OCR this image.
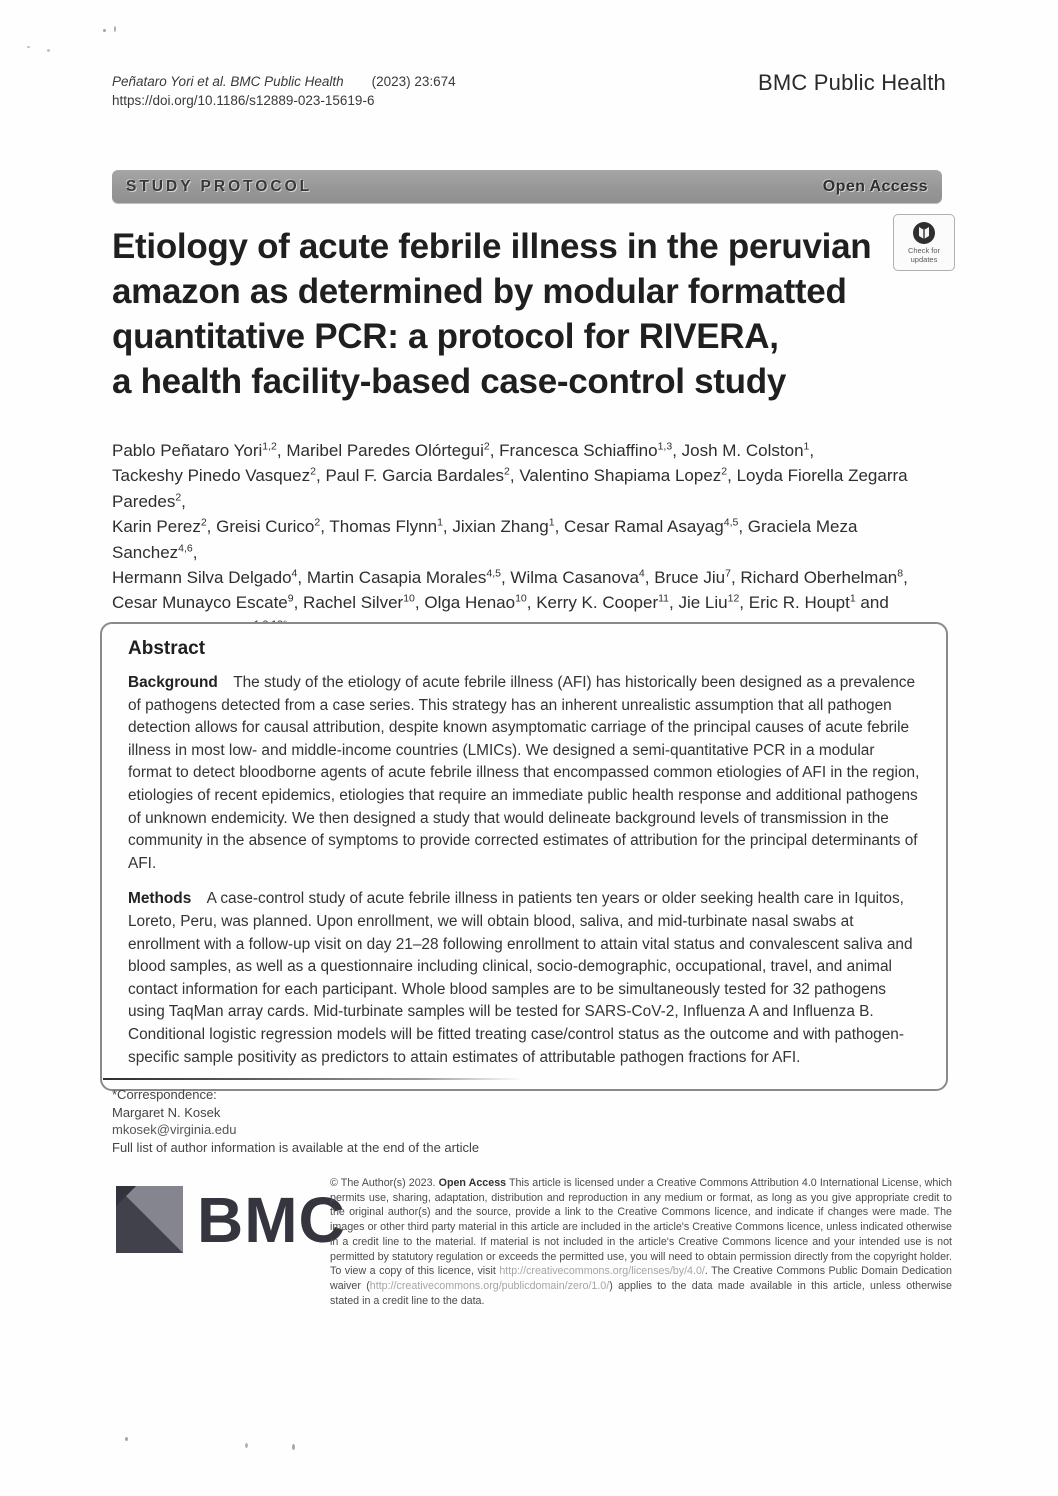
Peñataro Yori et al. BMC Public Health (2023) 23:674
https://doi.org/10.1186/s12889-023-15619-6
BMC Public Health
STUDY PROTOCOL	Open Access
Etiology of acute febrile illness in the peruvian
amazon as determined by modular formatted
quantitative PCR: a protocol for RIVERA,
a health facility-based case-control study
Check for updates
Pablo Peñataro Yori$^{1,2}$, Maribel Paredes Olórtegui$^2$, Francesca Schiaffino$^{1,3}$, Josh M. Colston$^1$,
Tackeshy Pinedo Vasquez$^2$, Paul F. Garcia Bardales$^2$, Valentino Shapiama Lopez$^2$, Loyda Fiorella Zegarra Paredes$^2$,
Karin Perez$^2$, Greisi Curico$^2$, Thomas Flynn$^1$, Jixian Zhang$^1$, Cesar Ramal Asayag$^{4,5}$, Graciela Meza Sanchez$^{4,6}$,
Hermann Silva Delgado$^4$, Martin Casapia Morales$^{4,5}$, Wilma Casanova$^4$, Bruce Jiu$^7$, Richard Oberhelman$^8$,
Cesar Munayco Escate$^9$, Rachel Silver$^{10}$, Olga Henao$^{10}$, Kerry K. Cooper$^{11}$, Jie Liu$^{12}$, Eric R. Houpt$^1$ and
Abstract

Background  The study of the etiology of acute febrile illness (AFI) has historically been designed as a prevalence of pathogens detected from a case series. This strategy has an inherent unrealistic assumption that all pathogen detection allows for causal attribution, despite known asymptomatic carriage of the principal causes of acute febrile illness in most low- and middle-income countries (LMICs). We designed a semi-quantitative PCR in a modular format to detect bloodborne agents of acute febrile illness that encompassed common etiologies of AFI in the region, etiologies of recent epidemics, etiologies that require an immediate public health response and additional pathogens of unknown endemicity. We then designed a study that would delineate background levels of transmission in the community in the absence of symptoms to provide corrected estimates of attribution for the principal determinants of AFI.

Methods  A case-control study of acute febrile illness in patients ten years or older seeking health care in Iquitos, Loreto, Peru, was planned. Upon enrollment, we will obtain blood, saliva, and mid-turbinate nasal swabs at enrollment with a follow-up visit on day 21–28 following enrollment to attain vital status and convalescent saliva and blood samples, as well as a questionnaire including clinical, socio-demographic, occupational, travel, and animal contact information for each participant. Whole blood samples are to be simultaneously tested for 32 pathogens using TaqMan array cards. Mid-turbinate samples will be tested for SARS-CoV-2, Influenza A and Influenza B. Conditional logistic regression models will be fitted treating case/control status as the outcome and with pathogen-specific sample positivity as predictors to attain estimates of attributable pathogen fractions for AFI.

*Correspondence:
Margaret N. Kosek
mkosek@virginia.edu
Full list of author information is available at the end of the article
BMC
© The Author(s) 2023. Open Access This article is licensed under a Creative Commons Attribution 4.0 International License, which permits use, sharing, adaptation, distribution and reproduction in any medium or format, as long as you give appropriate credit to the original author(s) and the source, provide a link to the Creative Commons licence, and indicate if changes were made. The images or other third party material in this article are included in the article's Creative Commons licence, unless indicated otherwise in a credit line to the material. If material is not included in the article's Creative Commons licence and your intended use is not permitted by statutory regulation or exceeds the permitted use, you will need to obtain permission directly from the copyright holder. To view a copy of this licence, visit http://creativecommons.org/licenses/by/4.0/. The Creative Commons Public Domain Dedication waiver (http://creativecommons.org/publicdomain/zero/1.0/) applies to the data made available in this article, unless otherwise stated in a credit line to the data.
